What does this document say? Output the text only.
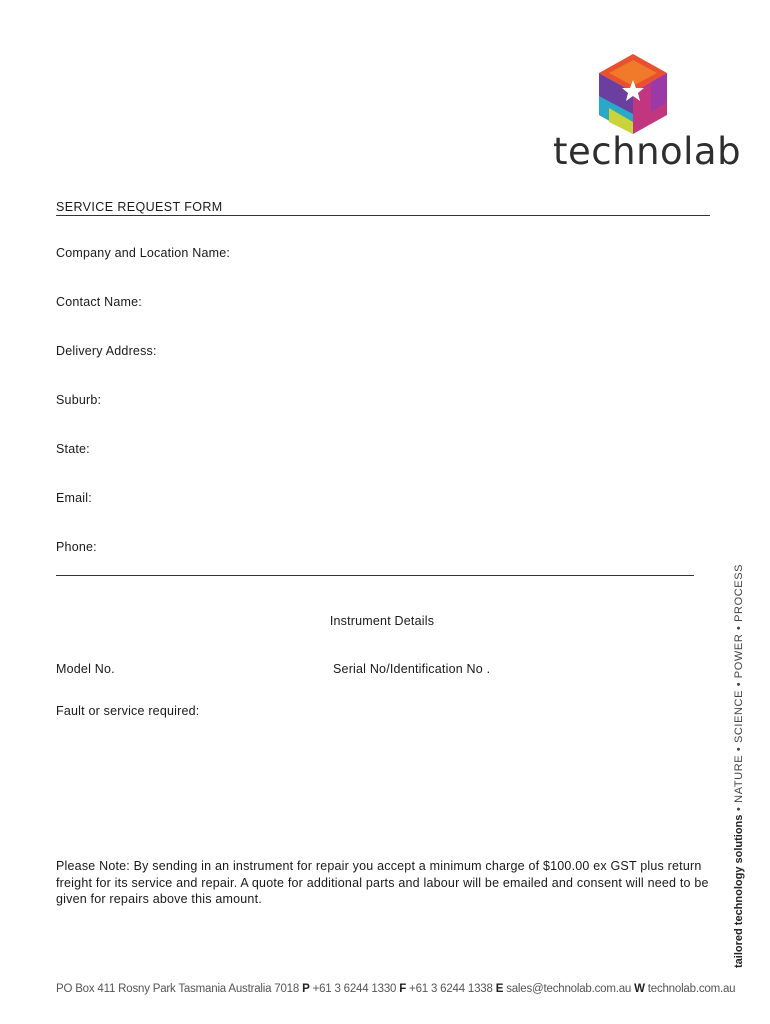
technolab
SERVICE REQUEST FORM
Company and Location Name:
Contact Name:
Delivery Address:
Suburb:
State:
Email:
Phone:
Instrument Details
Model No.	Serial No/Identification No .
Fault or service required:
Please Note: By sending in an instrument for repair you accept a minimum charge of $100.00 ex GST plus return freight for its service and repair. A quote for additional parts and labour will be emailed and consent will need to be given for repairs above this amount.
PO Box 411 Rosny Park Tasmania Australia 7018 P +61 3 6244 1330 F +61 3 6244 1338 E sales@technolab.com.au W technolab.com.au
tailored technology solutions • NATURE • SCIENCE • POWER • PROCESS
